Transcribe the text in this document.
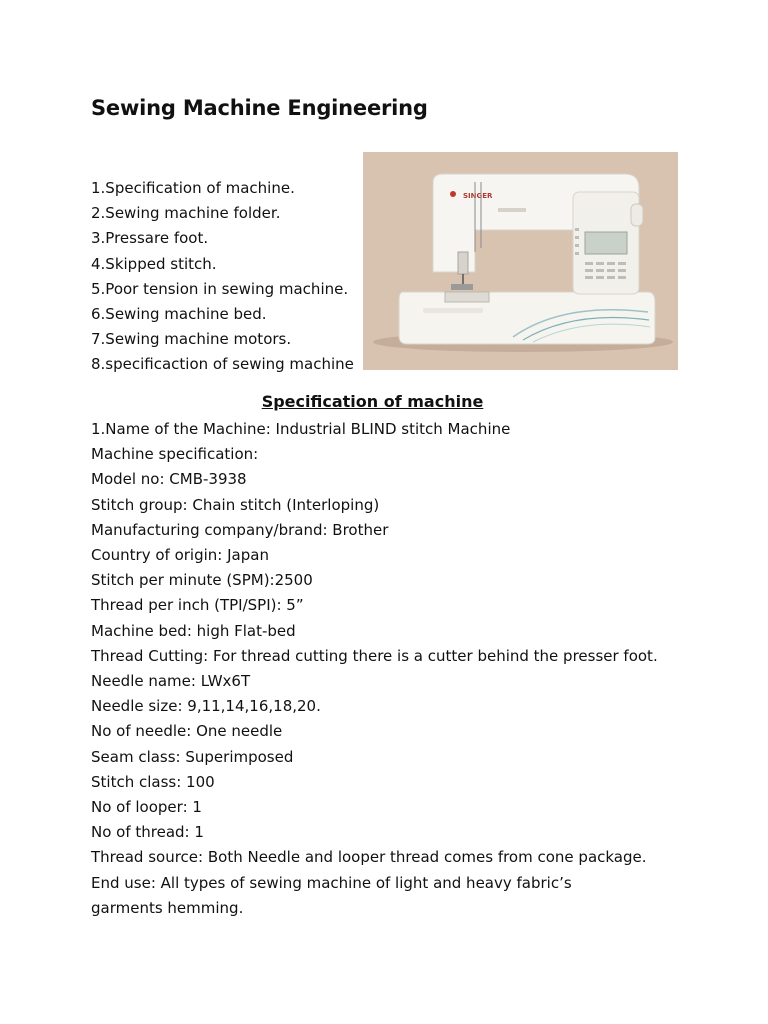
Sewing Machine Engineering
1.Specification of machine.
2.Sewing machine folder.
3.Pressare foot.
4.Skipped stitch.
5.Poor tension in sewing machine.
6.Sewing machine bed.
7.Sewing machine motors.
8.specificaction of sewing machine
SINGER
Specification of machine
1.Name of the Machine: Industrial BLIND stitch Machine
Machine specification:
Model no: CMB-3938
Stitch group: Chain stitch (Interloping)
Manufacturing company/brand: Brother
Country of origin: Japan
Stitch per minute (SPM):2500
Thread per inch (TPI/SPI): 5”
Machine bed: high Flat-bed
Thread Cutting: For thread cutting there is a cutter behind the presser foot.
Needle name: LWx6T
Needle size: 9,11,14,16,18,20.
No of needle: One needle
Seam class: Superimposed
Stitch class: 100
No of looper: 1
No of thread: 1
Thread source: Both Needle and looper thread comes from cone package.
End use: All types of sewing machine of light and heavy fabric’s garments hemming.
